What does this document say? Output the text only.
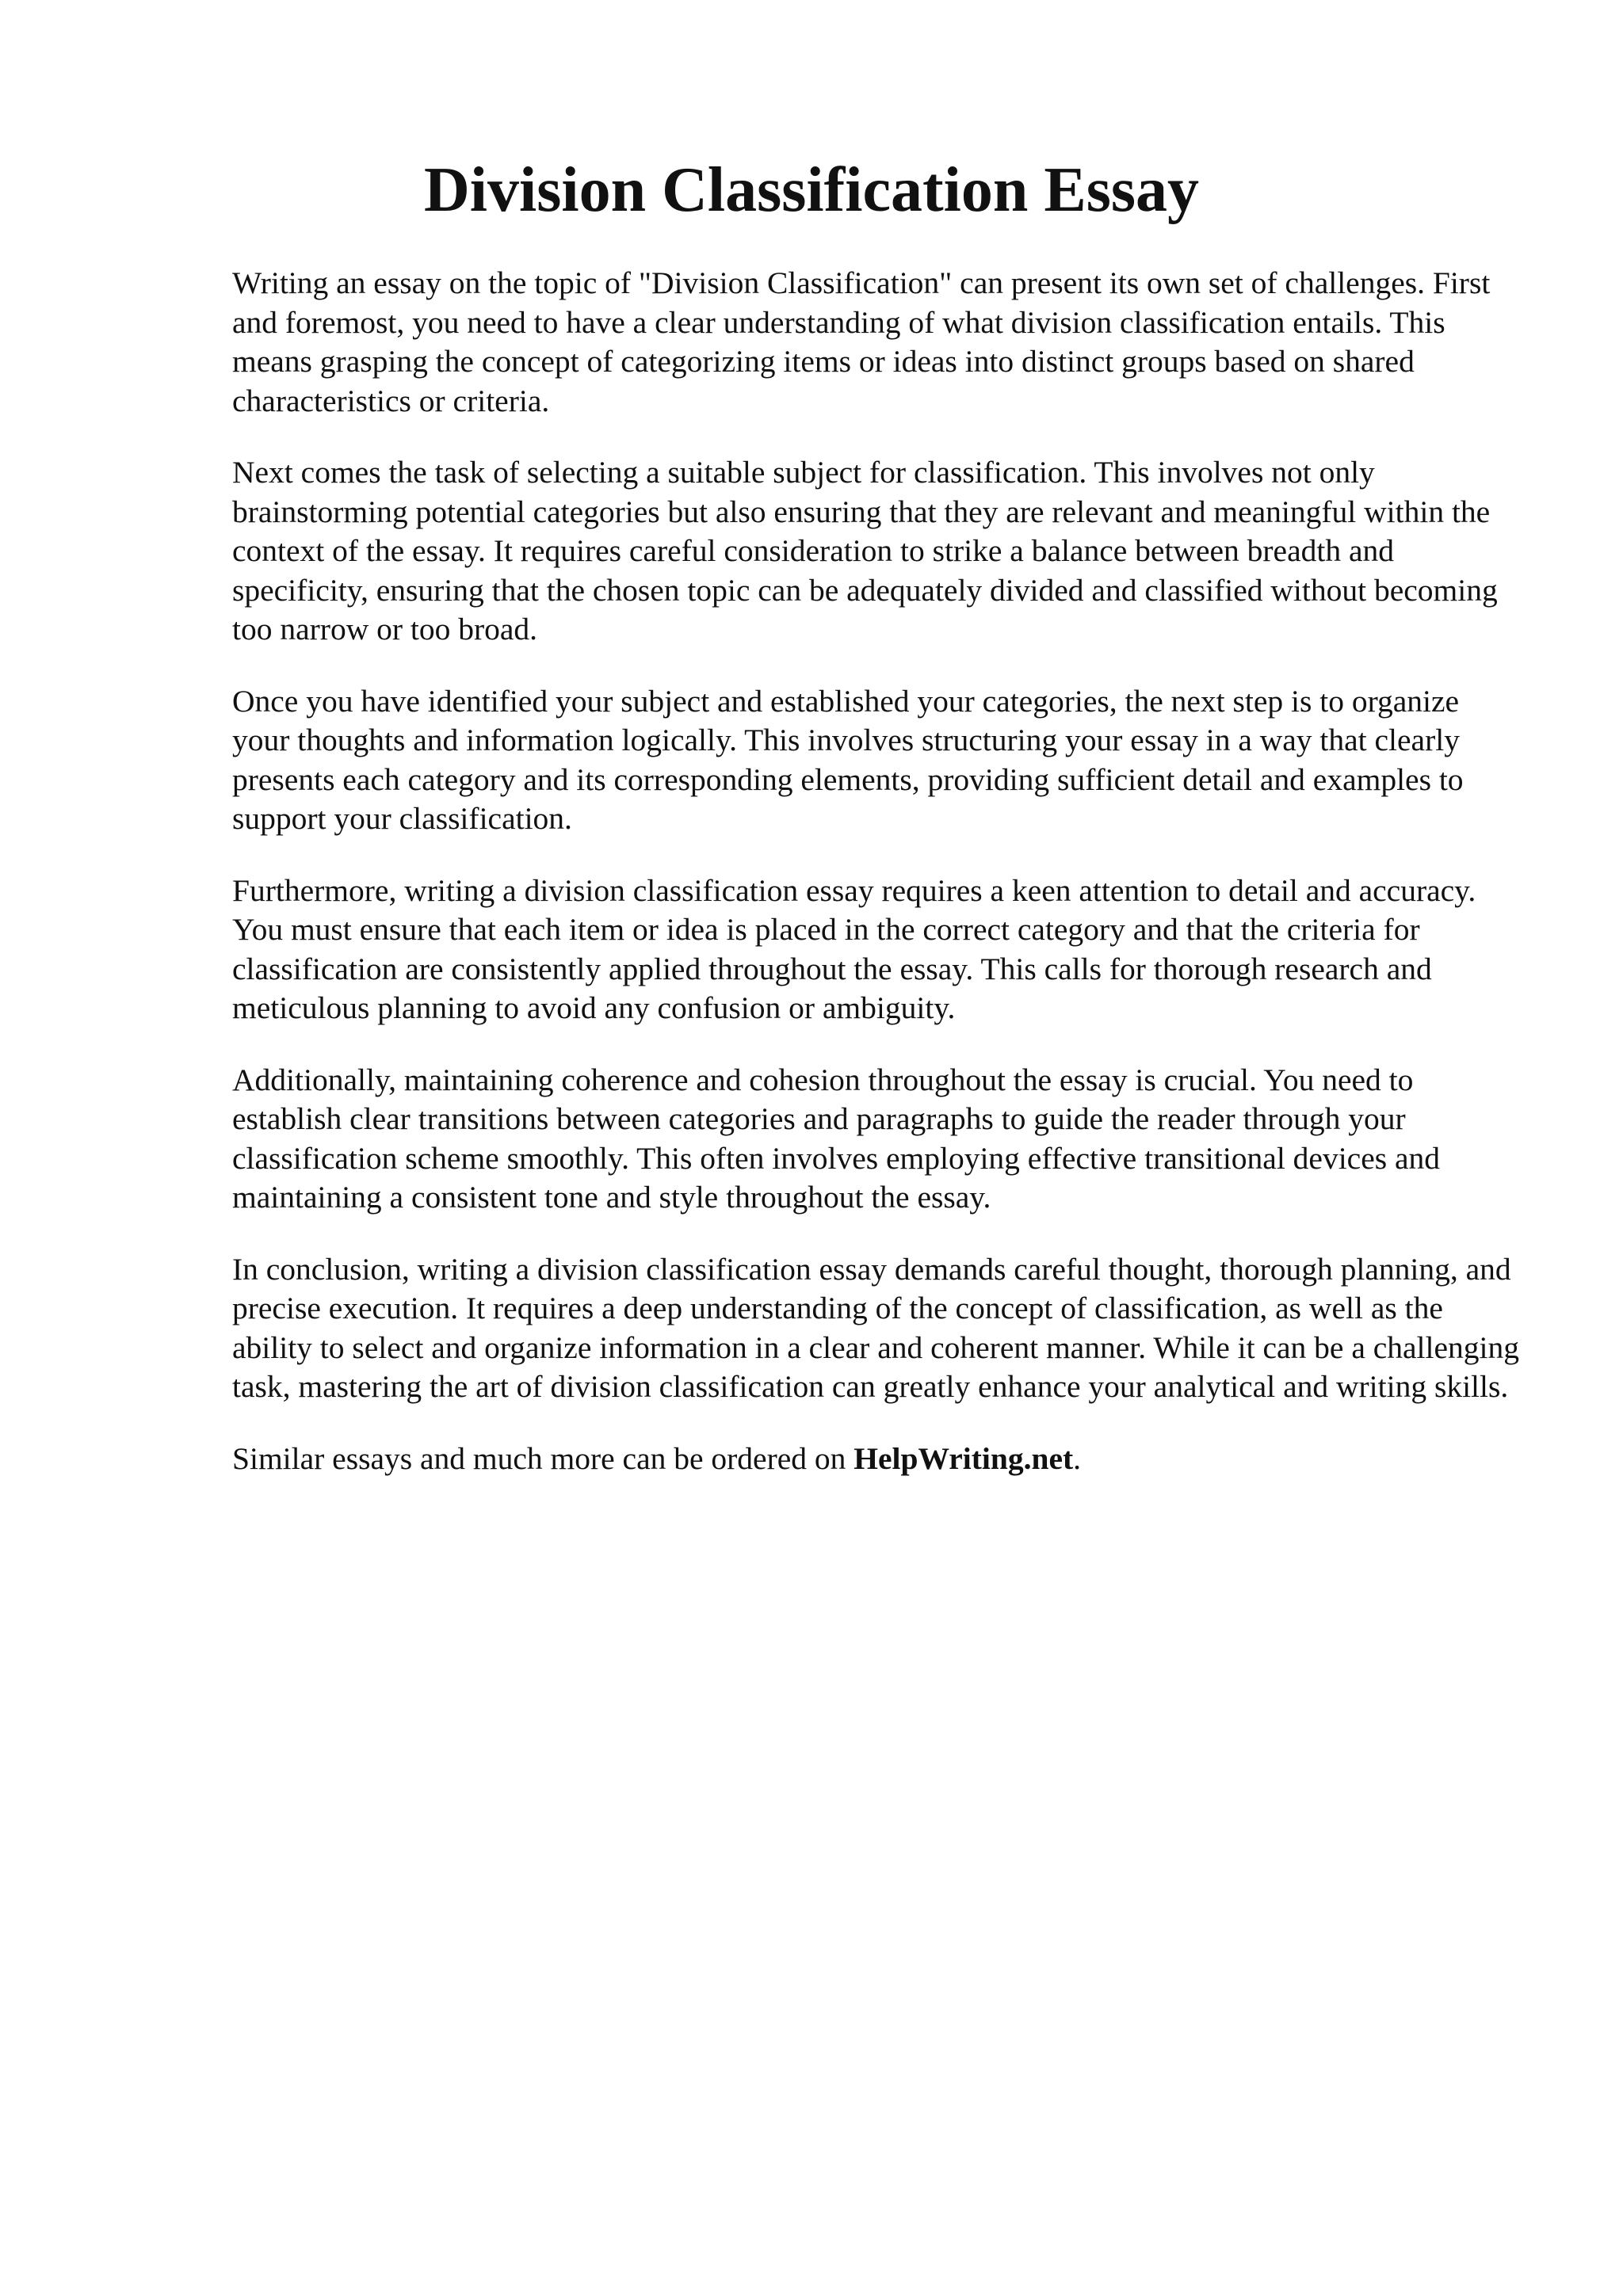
Division Classification Essay

Writing an essay on the topic of "Division Classification" can present its own set of challenges. First and foremost, you need to have a clear understanding of what division classification entails. This means grasping the concept of categorizing items or ideas into distinct groups based on shared characteristics or criteria.

Next comes the task of selecting a suitable subject for classification. This involves not only brainstorming potential categories but also ensuring that they are relevant and meaningful within the context of the essay. It requires careful consideration to strike a balance between breadth and specificity, ensuring that the chosen topic can be adequately divided and classified without becoming too narrow or too broad.

Once you have identified your subject and established your categories, the next step is to organize your thoughts and information logically. This involves structuring your essay in a way that clearly presents each category and its corresponding elements, providing sufficient detail and examples to support your classification.

Furthermore, writing a division classification essay requires a keen attention to detail and accuracy. You must ensure that each item or idea is placed in the correct category and that the criteria for classification are consistently applied throughout the essay. This calls for thorough research and meticulous planning to avoid any confusion or ambiguity.

Additionally, maintaining coherence and cohesion throughout the essay is crucial. You need to establish clear transitions between categories and paragraphs to guide the reader through your classification scheme smoothly. This often involves employing effective transitional devices and maintaining a consistent tone and style throughout the essay.

In conclusion, writing a division classification essay demands careful thought, thorough planning, and precise execution. It requires a deep understanding of the concept of classification, as well as the ability to select and organize information in a clear and coherent manner. While it can be a challenging task, mastering the art of division classification can greatly enhance your analytical and writing skills.

Similar essays and much more can be ordered on HelpWriting.net.
